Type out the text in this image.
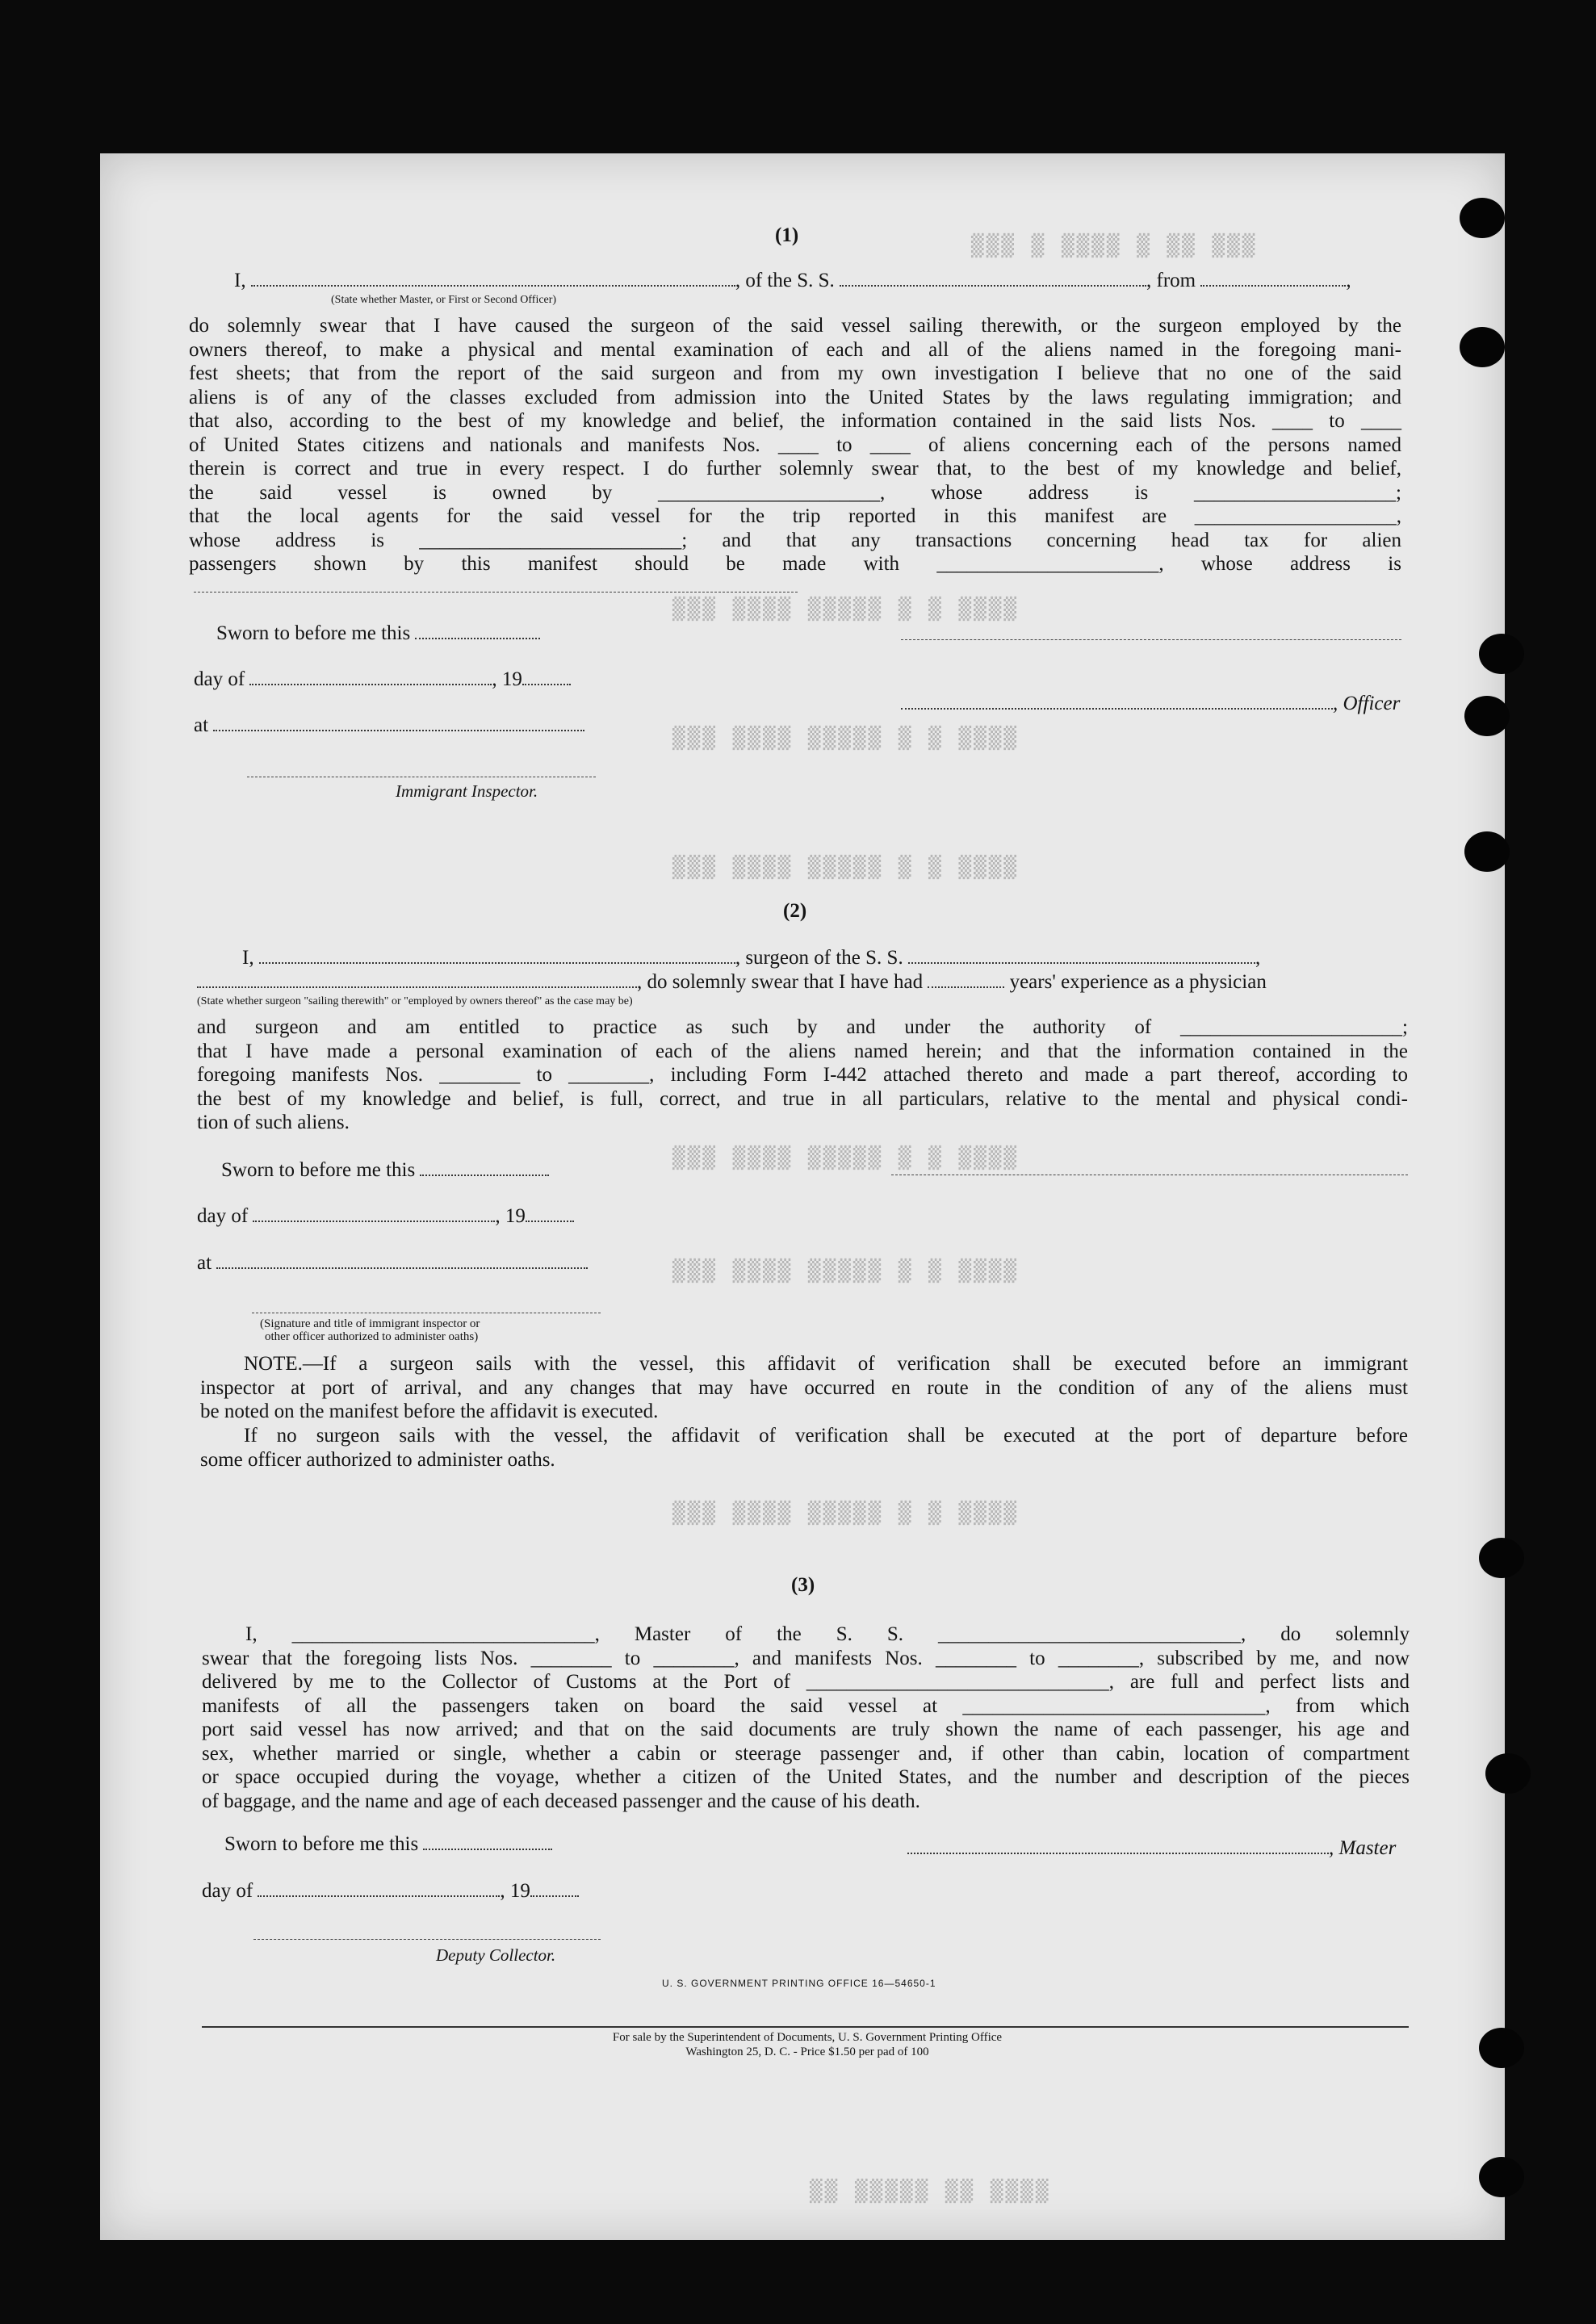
▒▒▒ ▒▒ ▒ ▒▒▒▒ ▒ ▒▒▒
▒▒▒▒ ▒ ▒ ▒▒▒▒▒ ▒▒▒▒ ▒▒▒
▒▒▒▒ ▒ ▒ ▒▒▒▒▒ ▒▒▒▒ ▒▒▒
▒▒▒▒ ▒ ▒ ▒▒▒▒▒ ▒▒▒▒ ▒▒▒
▒▒▒▒ ▒ ▒ ▒▒▒▒▒ ▒▒▒▒ ▒▒▒
▒▒▒▒ ▒ ▒ ▒▒▒▒▒ ▒▒▒▒ ▒▒▒
▒▒▒▒ ▒ ▒ ▒▒▒▒▒ ▒▒▒▒ ▒▒▒
▒▒▒▒ ▒▒ ▒▒▒▒▒ ▒▒
(1)
I,	, of the S. S.	, from	,
(State whether Master, or First or Second Officer)
do solemnly swear that I have caused the surgeon of the said vessel sailing therewith, or the surgeon employed by the
owners thereof, to make a physical and mental examination of each and all of the aliens named in the foregoing mani-
fest sheets; that from the report of the said surgeon and from my own investigation I believe that no one of the said
aliens is of any of the classes excluded from admission into the United States by the laws regulating immigration; and
that also, according to the best of my knowledge and belief, the information contained in the said lists Nos. ____ to ____
of United States citizens and nationals and manifests Nos. ____ to ____ of aliens concerning each of the persons named
therein is correct and true in every respect. I do further solemnly swear that, to the best of my knowledge and belief,
the said vessel is owned by ______________________, whose address is ____________________;
that the local agents for the said vessel for the trip reported in this manifest are ____________________,
whose address is __________________________; and that any transactions concerning head tax for alien
passengers shown by this manifest should be made with ______________________, whose address is
Sworn to before me this
day of	, 19
at
Immigrant Inspector.
, Officer
(2)
I,	, surgeon of the S. S.	,
, do solemnly swear that I have had	years' experience as a physician
(State whether surgeon "sailing therewith" or "employed by owners thereof" as the case may be)
and surgeon and am entitled to practice as such by and under the authority of ______________________;
that I have made a personal examination of each of the aliens named herein; and that the information contained in the
foregoing manifests Nos. ________ to ________, including Form I-442 attached thereto and made a part thereof, according to
the best of my knowledge and belief, is full, correct, and true in all particulars, relative to the mental and physical condi-
tion of such aliens.
Sworn to before me this
day of	, 19
at
(Signature and title of immigrant inspector or
other officer authorized to administer oaths)
NOTE.—If a surgeon sails with the vessel, this affidavit of verification shall be executed before an immigrant
inspector at port of arrival, and any changes that may have occurred en route in the condition of any of the aliens must
be noted on the manifest before the affidavit is executed.
If no surgeon sails with the vessel, the affidavit of verification shall be executed at the port of departure before
some officer authorized to administer oaths.
(3)
I, ______________________________, Master of the S. S. ______________________________, do solemnly
swear that the foregoing lists Nos. ________ to ________, and manifests Nos. ________ to ________, subscribed by me, and now
delivered by me to the Collector of Customs at the Port of ______________________________, are full and perfect lists and
manifests of all the passengers taken on board the said vessel at ______________________________, from which
port said vessel has now arrived; and that on the said documents are truly shown the name of each passenger, his age and
sex, whether married or single, whether a cabin or steerage passenger and, if other than cabin, location of compartment
or space occupied during the voyage, whether a citizen of the United States, and the number and description of the pieces
of baggage, and the name and age of each deceased passenger and the cause of his death.
Sworn to before me this	, Master
day of	, 19
Deputy Collector.
U. S. GOVERNMENT PRINTING OFFICE 16—54650-1
For sale by the Superintendent of Documents, U. S. Government Printing Office
Washington 25, D. C. - Price $1.50 per pad of 100
